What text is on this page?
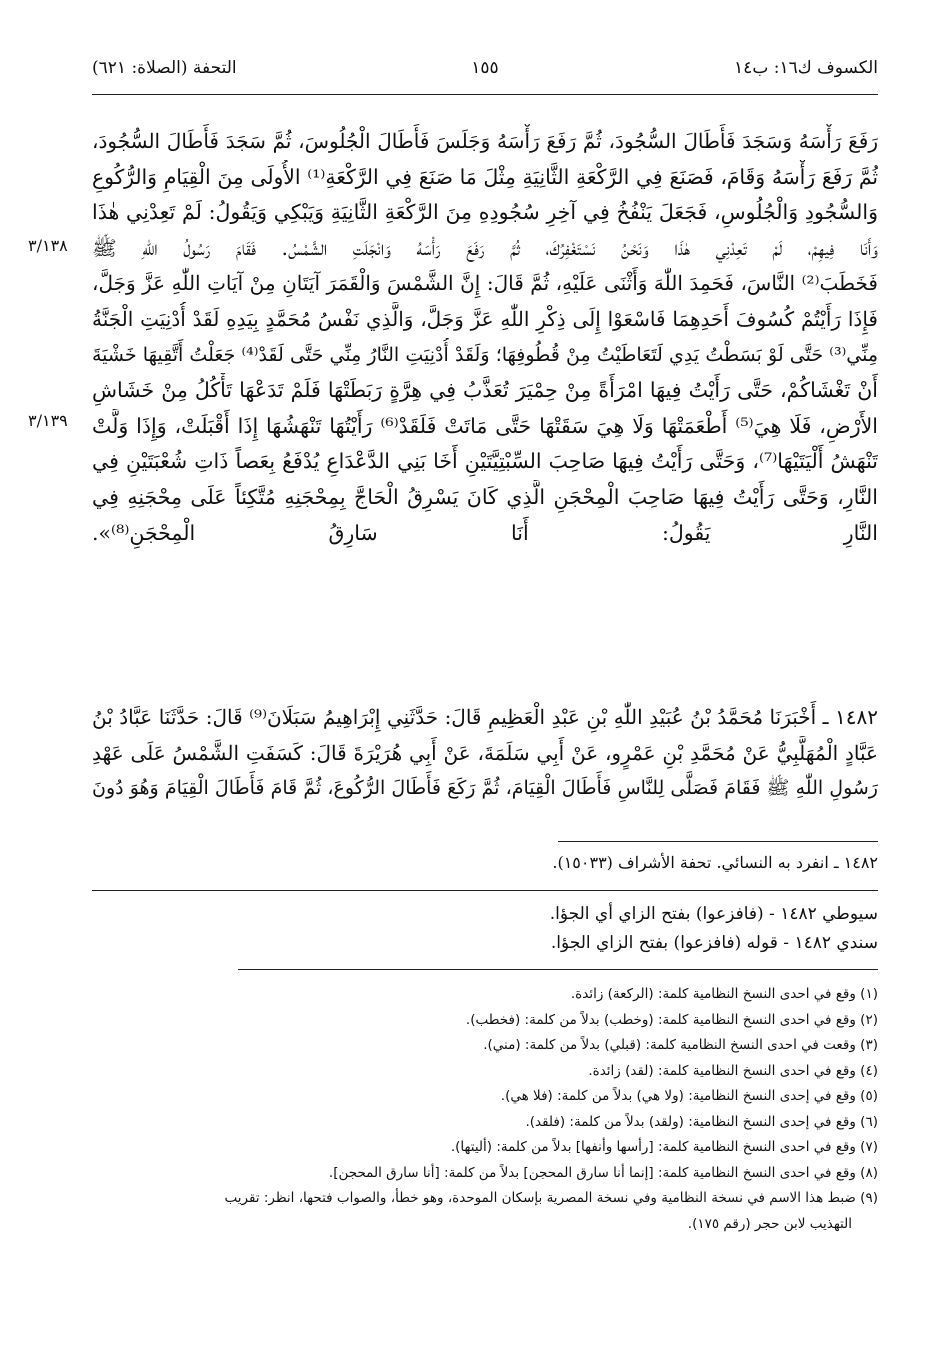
الكسوف ك١٦: ب١٤
١٥٥
التحفة (الصلاة: ٦٢١)
٣/١٣٨
٣/١٣٩
رَفَعَ رَأْسَهُ وَسَجَدَ فَأَطَالَ السُّجُودَ، ثُمَّ رَفَعَ رَأْسَهُ وَجَلَسَ فَأَطَالَ الْجُلُوسَ، ثُمَّ سَجَدَ فَأَطَالَ السُّجُودَ،
ثُمَّ رَفَعَ رَأْسَهُ وَقَامَ، فَصَنَعَ فِي الرَّكْعَةِ الثَّانِيَةِ مِثْلَ مَا صَنَعَ فِي الرَّكْعَةِ⁽¹⁾ الأُولَى مِنَ الْقِيَامِ وَالرُّكُوعِ
وَالسُّجُودِ وَالْجُلُوسِ، فَجَعَلَ يَنْفُخُ فِي آخِرِ سُجُودِهِ مِنَ الرَّكْعَةِ الثَّانِيَةِ وَيَبْكِي وَيَقُولُ: لَمْ تَعِدْنِي هٰذَا
وَأَنَا فِيهِمْ، لَمْ تَعِدْنِي هٰذَا وَنَحْنُ نَسْتَغْفِرُكَ، ثُمَّ رَفَعَ رَأْسَهُ وَانْجَلَتِ الشَّمْسُ. فَقَامَ رَسُولُ اللّٰهِ ﷺ
فَخَطَبَ⁽²⁾ النَّاسَ، فَحَمِدَ اللّٰهَ وَأَثْنَى عَلَيْهِ، ثُمَّ قَالَ: إِنَّ الشَّمْسَ وَالْقَمَرَ آيَتَانِ مِنْ آيَاتِ اللّٰهِ عَزَّ وَجَلَّ،
فَإِذَا رَأَيْتُمْ كُسُوفَ أَحَدِهِمَا فَاسْعَوْا إِلَى ذِكْرِ اللّٰهِ عَزَّ وَجَلَّ، وَالَّذِي نَفْسُ مُحَمَّدٍ بِيَدِهِ لَقَدْ أُدْنِيَتِ الْجَنَّةُ
مِنِّي⁽³⁾ حَتَّى لَوْ بَسَطْتُ يَدِي لَتَعَاطَيْتُ مِنْ قُطُوفِهَا؛ وَلَقَدْ أُدْنِيَتِ النَّارُ مِنِّي حَتَّى لَقَدْ⁽⁴⁾ جَعَلْتُ أَتَّقِيهَا خَشْيَةَ
أَنْ تَغْشَاكُمْ، حَتَّى رَأَيْتُ فِيهَا امْرَأَةً مِنْ حِمْيَرَ تُعَذَّبُ فِي هِرَّةٍ رَبَطَتْهَا فَلَمْ تَدَعْهَا تَأْكُلُ مِنْ خَشَاشِ
الأَرْضِ، فَلَا هِيَ⁽⁵⁾ أَطْعَمَتْهَا وَلَا هِيَ سَقَتْهَا حَتَّى مَاتَتْ فَلَقَدْ⁽⁶⁾ رَأَيْتُهَا تَنْهَشُهَا إِذَا أَقْبَلَتْ، وَإِذَا وَلَّتْ
تَنْهَشُ أَلْيَتَيْهَا⁽⁷⁾، وَحَتَّى رَأَيْتُ فِيهَا صَاحِبَ السِّبْتِيَّتَيْنِ أَخَا بَنِي الدَّعْدَاعِ يُدْفَعُ بِعَصاً ذَاتِ شُعْبَتَيْنِ فِي
النَّارِ، وَحَتَّى رَأَيْتُ فِيهَا صَاحِبَ الْمِحْجَنِ الَّذِي كَانَ يَسْرِقُ الْحَاجَّ بِمِحْجَنِهِ مُتَّكِئاً عَلَى مِحْجَنِهِ فِي
النَّارِ يَقُولُ: أَنَا سَارِقُ الْمِحْجَنِ⁽⁸⁾».
١٤٨٢ ـ أَخْبَرَنَا مُحَمَّدُ بْنُ عُبَيْدِ اللّٰهِ بْنِ عَبْدِ الْعَظِيمِ قَالَ: حَدَّثَنِي إِبْرَاهِيمُ سَبَلَانَ⁽⁹⁾ قَالَ: حَدَّثَنَا عَبَّادُ بْنُ
عَبَّادٍ الْمُهَلَّبِيُّ عَنْ مُحَمَّدِ بْنِ عَمْرٍو، عَنْ أَبِي سَلَمَةَ، عَنْ أَبِي هُرَيْرَةَ قَالَ: كَسَفَتِ الشَّمْسُ عَلَى عَهْدِ
رَسُولِ اللّٰهِ ﷺ فَقَامَ فَصَلَّى لِلنَّاسِ فَأَطَالَ الْقِيَامَ، ثُمَّ رَكَعَ فَأَطَالَ الرُّكُوعَ، ثُمَّ قَامَ فَأَطَالَ الْقِيَامَ وَهُوَ دُونَ
١٤٨٢ ـ انفرد به النسائي. تحفة الأشراف (١٥٠٣٣).
سيوطي ١٤٨٢ - (فافزعوا) بفتح الزاي أي الجؤا.
سندي ١٤٨٢ - قوله (فافزعوا) بفتح الزاي الجؤا.
(١) وقع في احدى النسخ النظامية كلمة: (الركعة) زائدة.
(٢) وقع في احدى النسخ النظامية كلمة: (وخطب) بدلاً من كلمة: (فخطب).
(٣) وقعت في احدى النسخ النظامية كلمة: (قبلي) بدلاً من كلمة: (مني).
(٤) وقع في احدى النسخ النظامية كلمة: (لقد) زائدة.
(٥) وقع في إحدى النسخ النظامية: (ولا هي) بدلاً من كلمة: (فلا هي).
(٦) وقع في إحدى النسخ النظامية: (ولقد) بدلاً من كلمة: (فلقد).
(٧) وقع في احدى النسخ النظامية كلمة: [رأسها وأنفها] بدلاً من كلمة: (أليتها).
(٨) وقع في احدى النسخ النظامية كلمة: [إنما أنا سارق المحجن] بدلاً من كلمة: [أنا سارق المحجن].
(٩) ضبط هذا الاسم في نسخة النظامية وفي نسخة المصرية بإسكان الموحدة، وهو خطأ، والصواب فتحها، انظر: تقريب
التهذيب لابن حجر (رقم ١٧٥).
